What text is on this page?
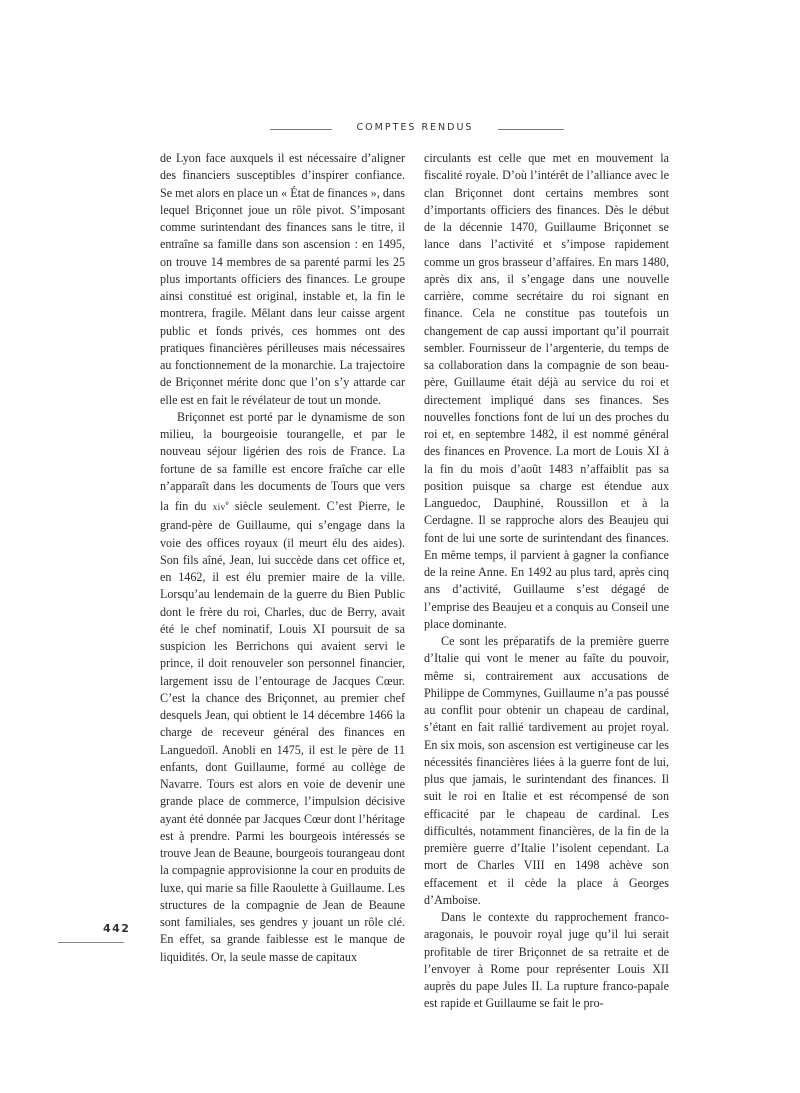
COMPTES RENDUS

de Lyon face auxquels il est nécessaire d’aligner des financiers susceptibles d’inspirer confiance. Se met alors en place un « État de finances », dans lequel Briçonnet joue un rôle pivot. S’imposant comme surintendant des finances sans le titre, il entraîne sa famille dans son ascension : en 1495, on trouve 14 membres de sa parenté parmi les 25 plus importants officiers des finances. Le groupe ainsi constitué est original, instable et, la fin le montrera, fragile. Mêlant dans leur caisse argent public et fonds privés, ces hommes ont des pratiques financières périlleuses mais nécessaires au fonctionnement de la monarchie. La trajectoire de Briçonnet mérite donc que l’on s’y attarde car elle est en fait le révélateur de tout un monde.

Briçonnet est porté par le dynamisme de son milieu, la bourgeoisie tourangelle, et par le nouveau séjour ligérien des rois de France. La fortune de sa famille est encore fraîche car elle n’apparaît dans les documents de Tours que vers la fin du xiv$^e$ siècle seulement. C’est Pierre, le grand-père de Guillaume, qui s’engage dans la voie des offices royaux (il meurt élu des aides). Son fils aîné, Jean, lui succède dans cet office et, en 1462, il est élu premier maire de la ville. Lorsqu’au lendemain de la guerre du Bien Public dont le frère du roi, Charles, duc de Berry, avait été le chef nominatif, Louis XI poursuit de sa suspicion les Berrichons qui avaient servi le prince, il doit renouveler son personnel financier, largement issu de l’entourage de Jacques Cœur. C’est la chance des Briçonnet, au premier chef desquels Jean, qui obtient le 14 décembre 1466 la charge de receveur général des finances en Languedoïl. Anobli en 1475, il est le père de 11 enfants, dont Guillaume, formé au collège de Navarre. Tours est alors en voie de devenir une grande place de commerce, l’impulsion décisive ayant été donnée par Jacques Cœur dont l’héritage est à prendre. Parmi les bourgeois intéressés se trouve Jean de Beaune, bourgeois tourangeau dont la compagnie approvisionne la cour en produits de luxe, qui marie sa fille Raoulette à Guillaume. Les structures de la compagnie de Jean de Beaune sont familiales, ses gendres y jouant un rôle clé. En effet, sa grande faiblesse est le manque de liquidités. Or, la seule masse de capitaux

circulants est celle que met en mouvement la fiscalité royale. D’où l’intérêt de l’alliance avec le clan Briçonnet dont certains membres sont d’importants officiers des finances. Dès le début de la décennie 1470, Guillaume Briçonnet se lance dans l’activité et s’impose rapidement comme un gros brasseur d’affaires. En mars 1480, après dix ans, il s’engage dans une nouvelle carrière, comme secrétaire du roi signant en finance. Cela ne constitue pas toutefois un changement de cap aussi important qu’il pourrait sembler. Fournisseur de l’argenterie, du temps de sa collaboration dans la compagnie de son beau-père, Guillaume était déjà au service du roi et directement impliqué dans ses finances. Ses nouvelles fonctions font de lui un des proches du roi et, en septembre 1482, il est nommé général des finances en Provence. La mort de Louis XI à la fin du mois d’août 1483 n’affaiblit pas sa position puisque sa charge est étendue aux Languedoc, Dauphiné, Roussillon et à la Cerdagne. Il se rapproche alors des Beaujeu qui font de lui une sorte de surintendant des finances. En même temps, il parvient à gagner la confiance de la reine Anne. En 1492 au plus tard, après cinq ans d’activité, Guillaume s’est dégagé de l’emprise des Beaujeu et a conquis au Conseil une place dominante.

Ce sont les préparatifs de la première guerre d’Italie qui vont le mener au faîte du pouvoir, même si, contrairement aux accusations de Philippe de Commynes, Guillaume n’a pas poussé au conflit pour obtenir un chapeau de cardinal, s’étant en fait rallié tardivement au projet royal. En six mois, son ascension est vertigineuse car les nécessités financières liées à la guerre font de lui, plus que jamais, le surintendant des finances. Il suit le roi en Italie et est récompensé de son efficacité par le chapeau de cardinal. Les difficultés, notamment financières, de la fin de la première guerre d’Italie l’isolent cependant. La mort de Charles VIII en 1498 achève son effacement et il cède la place à Georges d’Amboise.

Dans le contexte du rapprochement franco-aragonais, le pouvoir royal juge qu’il lui serait profitable de tirer Briçonnet de sa retraite et de l’envoyer à Rome pour représenter Louis XII auprès du pape Jules II. La rupture franco-papale est rapide et Guillaume se fait le pro-

442
